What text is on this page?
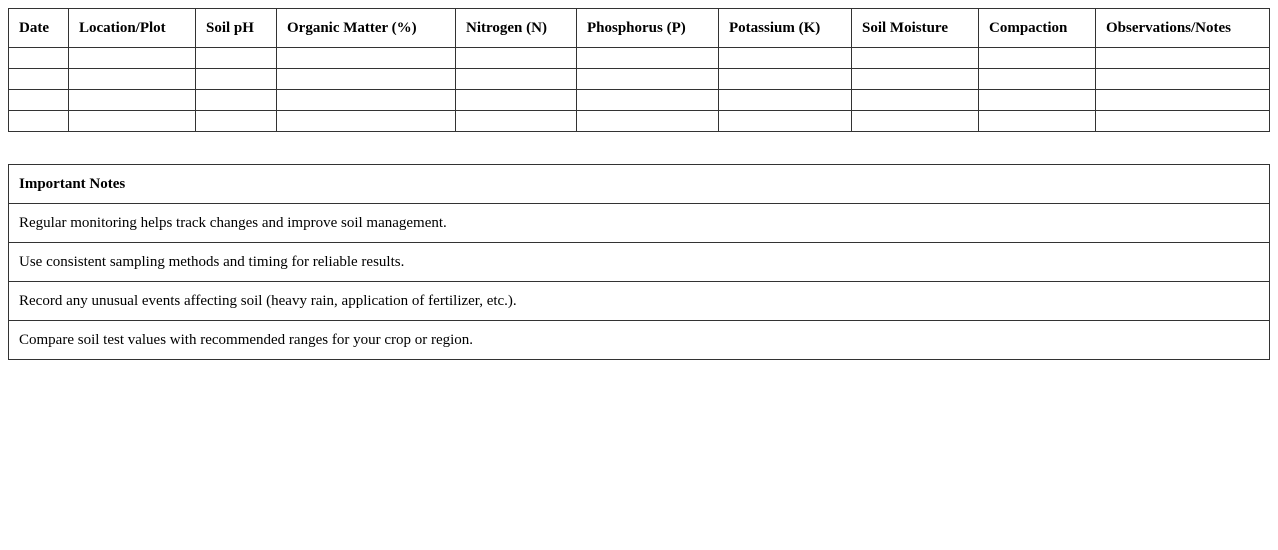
Date	Location/Plot	Soil pH	Organic Matter (%)	Nitrogen (N)	Phosphorus (P)	Potassium (K)	Soil Moisture	Compaction	Observations/Notes

Important Notes
Regular monitoring helps track changes and improve soil management.
Use consistent sampling methods and timing for reliable results.
Record any unusual events affecting soil (heavy rain, application of fertilizer, etc.).
Compare soil test values with recommended ranges for your crop or region.
